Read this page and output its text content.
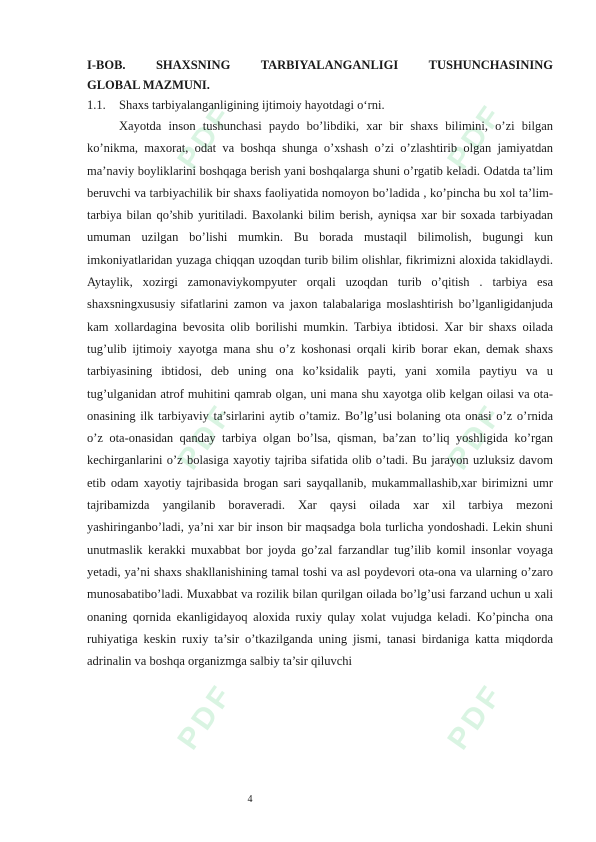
PDF	PDF
PDF	PDF
PDF	PDF
I-BOB. SHAXSNING TARBIYALANGANLIGI TUSHUNCHASINING
GLOBAL MAZMUNI.

1.1. Shaxs tarbiyalanganligining ijtimoiy hayotdagi o‘rni.

Xayotda inson tushunchasi paydo bo’libdiki, xar bir shaxs bilimini, o’zi bilgan ko’nikma, maxorat, odat va boshqa shunga o’xshash o’zi o’zlashtirib olgan jamiyatdan ma’naviy boyliklarini boshqaga berish yani boshqalarga shuni o’rgatib keladi. Odatda ta’lim beruvchi va tarbiyachilik bir shaxs faoliyatida nomoyon bo’ladida , ko’pincha bu xol ta’lim-tarbiya bilan qo’shib yuritiladi. Baxolanki bilim berish, ayniqsa xar bir soxada tarbiyadan umuman uzilgan bo’lishi mumkin. Bu borada mustaqil bilimolish, bugungi kun imkoniyatlaridan yuzaga chiqqan uzoqdan turib bilim olishlar, fikrimizni aloxida takidlaydi. Aytaylik, xozirgi zamonaviykompyuter orqali uzoqdan turib o’qitish . tarbiya esa shaxsningxususiy sifatlarini zamon va jaxon talabalariga moslashtirish bo’lganligidanjuda kam xollardagina bevosita olib borilishi mumkin. Tarbiya ibtidosi. Xar bir shaxs oilada tug’ulib ijtimoiy xayotga mana shu o’z koshonasi orqali kirib borar ekan, demak shaxs tarbiyasining ibtidosi, deb uning ona ko’ksidalik payti, yani xomila paytiyu va u tug’ulganidan atrof muhitini qamrab olgan, uni mana shu xayotga olib kelgan oilasi va ota-onasining ilk tarbiyaviy ta’sirlarini aytib o’tamiz. Bo’lg’usi bolaning ota onasi o’z o’rnida o’z ota-onasidan qanday tarbiya olgan bo’lsa, qisman, ba’zan to’liq yoshligida ko’rgan kechirganlarini o’z bolasiga xayotiy tajriba sifatida olib o’tadi. Bu jarayon uzluksiz davom etib odam xayotiy tajribasida brogan sari sayqallanib, mukammallashib,xar birimizni umr tajribamizda yangilanib boraveradi. Xar qaysi oilada xar xil tarbiya mezoni yashiringanbo’ladi, ya’ni xar bir inson bir maqsadga bola turlicha yondoshadi. Lekin shuni unutmaslik kerakki muxabbat bor joyda go’zal farzandlar tug’ilib komil insonlar voyaga yetadi, ya’ni shaxs shakllanishining tamal toshi va asl poydevori ota-ona va ularning o’zaro munosabatibo’ladi. Muxabbat va rozilik bilan qurilgan oilada bo’lg’usi farzand uchun u xali onaning qornida ekanligidayoq aloxida ruxiy qulay xolat vujudga keladi. Ko’pincha ona ruhiyatiga keskin ruxiy ta’sir o’tkazilganda uning jismi, tanasi birdaniga katta miqdorda adrinalin va boshqa organizmga salbiy ta’sir qiluvchi

4
